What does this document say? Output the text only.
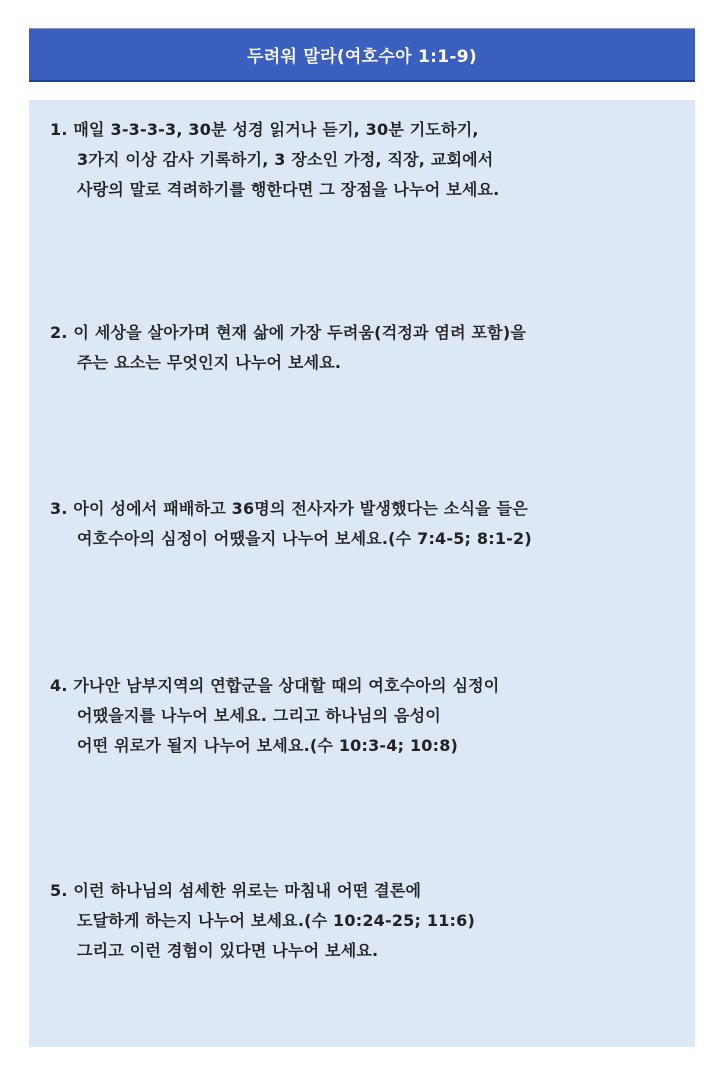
두려워 말라(여호수아 1:1-9)
1. 매일 3-3-3-3, 30분 성경 읽거나 듣기, 30분 기도하기,
3가지 이상 감사 기록하기, 3 장소인 가정, 직장, 교회에서
사랑의 말로 격려하기를 행한다면 그 장점을 나누어 보세요.
2. 이 세상을 살아가며 현재 삶에 가장 두려움(걱정과 염려 포함)을
주는 요소는 무엇인지 나누어 보세요.
3. 아이 성에서 패배하고 36명의 전사자가 발생했다는 소식을 들은
여호수아의 심정이 어땠을지 나누어 보세요.(수 7:4-5; 8:1-2)
4. 가나안 남부지역의 연합군을 상대할 때의 여호수아의 심정이
어땠을지를 나누어 보세요. 그리고 하나님의 음성이
어떤 위로가 될지 나누어 보세요.(수 10:3-4; 10:8)
5. 이런 하나님의 섬세한 위로는 마침내 어떤 결론에
도달하게 하는지 나누어 보세요.(수 10:24-25; 11:6)
그리고 이런 경험이 있다면 나누어 보세요.
